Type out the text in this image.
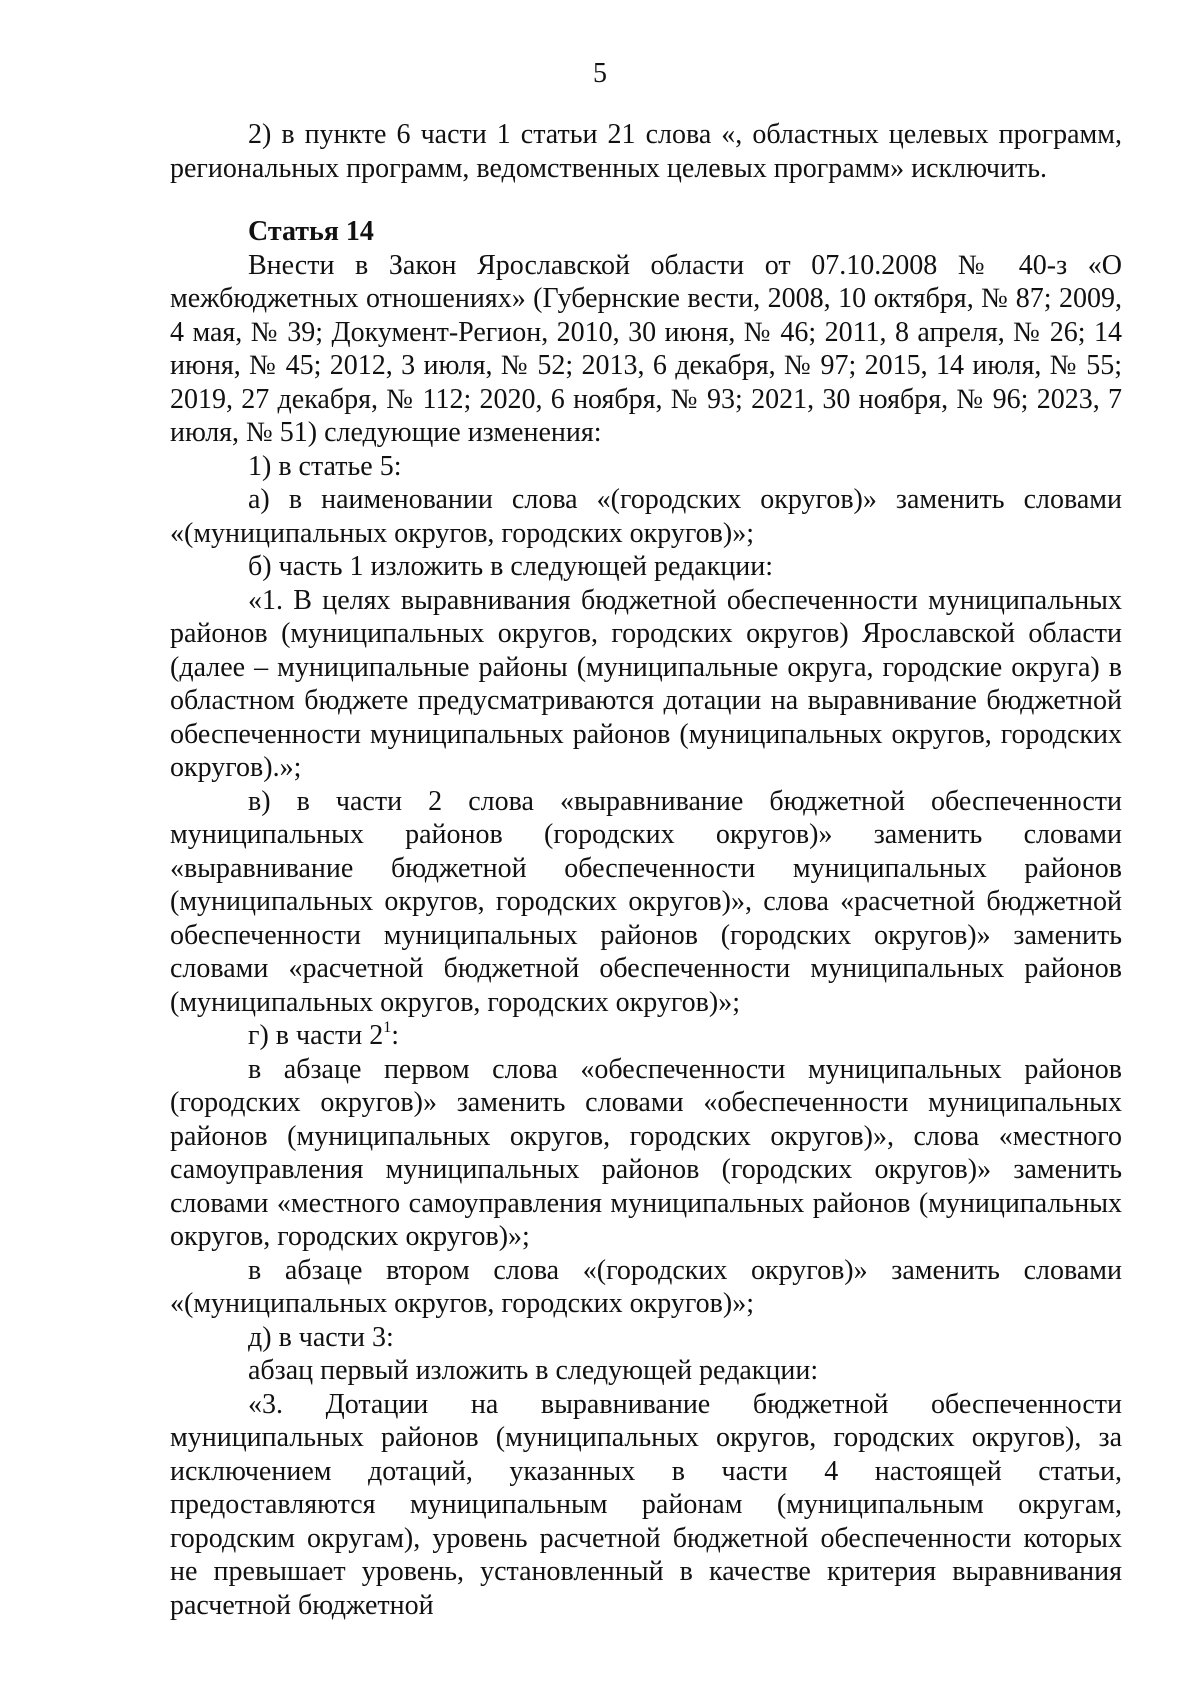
5

2) в пункте 6 части 1 статьи 21 слова «, областных целевых программ, региональных программ, ведомственных целевых программ» исключить.

Статья 14

Внести в Закон Ярославской области от 07.10.2008 № 40-з «О межбюджетных отношениях» (Губернские вести, 2008, 10 октября, № 87; 2009, 4 мая, № 39; Документ-Регион, 2010, 30 июня, № 46; 2011, 8 апреля, № 26; 14 июня, № 45; 2012, 3 июля, № 52; 2013, 6 декабря, № 97; 2015, 14 июля, № 55; 2019, 27 декабря, № 112; 2020, 6 ноября, № 93; 2021, 30 ноября, № 96; 2023, 7 июля, № 51) следующие изменения:

1) в статье 5:

а) в наименовании слова «(городских округов)» заменить словами «(муниципальных округов, городских округов)»;

б) часть 1 изложить в следующей редакции:

«1. В целях выравнивания бюджетной обеспеченности муниципальных районов (муниципальных округов, городских округов) Ярославской области (далее – муниципальные районы (муниципальные округа, городские округа) в областном бюджете предусматриваются дотации на выравнивание бюджетной обеспеченности муниципальных районов (муниципальных округов, городских округов).»;

в) в части 2 слова «выравнивание бюджетной обеспеченности муниципальных районов (городских округов)» заменить словами «выравнивание бюджетной обеспеченности муниципальных районов (муниципальных округов, городских округов)», слова «расчетной бюджетной обеспеченности муниципальных районов (городских округов)» заменить словами «расчетной бюджетной обеспеченности муниципальных районов (муниципальных округов, городских округов)»;

г) в части $2^1$:

в абзаце первом слова «обеспеченности муниципальных районов (городских округов)» заменить словами «обеспеченности муниципальных районов (муниципальных округов, городских округов)», слова «местного самоуправления муниципальных районов (городских округов)» заменить словами «местного самоуправления муниципальных районов (муниципальных округов, городских округов)»;

в абзаце втором слова «(городских округов)» заменить словами «(муниципальных округов, городских округов)»;

д) в части 3:

абзац первый изложить в следующей редакции:

«3. Дотации на выравнивание бюджетной обеспеченности муниципальных районов (муниципальных округов, городских округов), за исключением дотаций, указанных в части 4 настоящей статьи, предоставляются муниципальным районам (муниципальным округам, городским округам), уровень расчетной бюджетной обеспеченности которых не превышает уровень, установленный в качестве критерия выравнивания расчетной бюджетной
